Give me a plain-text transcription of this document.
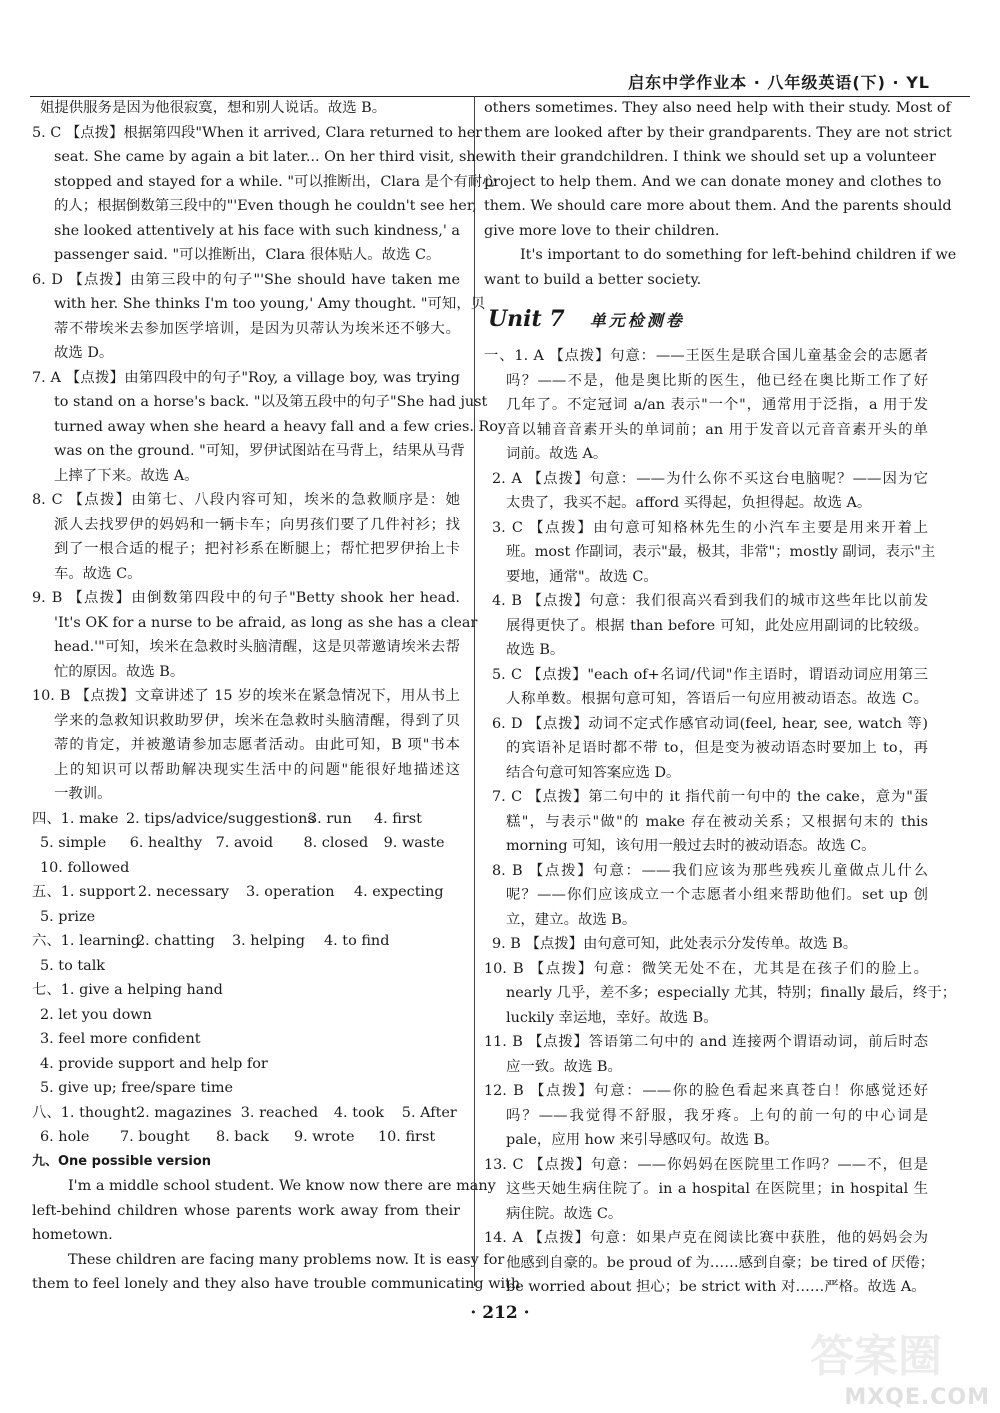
启东中学作业本 · 八年级英语(下) · YL
姐提供服务是因为他很寂寞，想和别人说话。故选 B。
5. C 【点拨】根据第四段"When it arrived, Clara returned to her
seat. She came by again a bit later... On her third visit, she
stopped and stayed for a while. "可以推断出，Clara 是个有耐心
的人；根据倒数第三段中的"'Even though he couldn't see her,
she looked attentively at his face with such kindness,' a
passenger said. "可以推断出，Clara 很体贴人。故选 C。
6. D 【点拨】由第三段中的句子"'She should have taken me
with her. She thinks I'm too young,' Amy thought. "可知，贝
蒂不带埃米去参加医学培训，是因为贝蒂认为埃米还不够大。
故选 D。
7. A 【点拨】由第四段中的句子"Roy, a village boy, was trying
to stand on a horse's back. "以及第五段中的句子"She had just
turned away when she heard a heavy fall and a few cries. Roy
was on the ground. "可知，罗伊试图站在马背上，结果从马背
上摔了下来。故选 A。
8. C 【点拨】由第七、八段内容可知，埃米的急救顺序是：她
派人去找罗伊的妈妈和一辆卡车；向男孩们要了几件衬衫；找
到了一根合适的棍子；把衬衫系在断腿上；帮忙把罗伊抬上卡
车。故选 C。
9. B 【点拨】由倒数第四段中的句子"Betty shook her head.
'It's OK for a nurse to be afraid, as long as she has a clear
head.'"可知，埃米在急救时头脑清醒，这是贝蒂邀请埃米去帮
忙的原因。故选 B。
10. B 【点拨】文章讲述了 15 岁的埃米在紧急情况下，用从书上
学来的急救知识救助罗伊，埃米在急救时头脑清醒，得到了贝
蒂的肯定，并被邀请参加志愿者活动。由此可知，B 项"书本
上的知识可以帮助解决现实生活中的问题"能很好地描述这
一教训。
四、1. make 2. tips/advice/suggestions
3. run	4. first
5. simple	6. healthy 7. avoid	8. closed	9. waste
10. followed
五、1. support 2. necessary	3. operation	4. expecting
5. prize
六、1. learning
2. chatting	3. helping	4. to find
5. to talk
七、1. give a helping hand
2. let you down
3. feel more confident
4. provide support and help for
5. give up; free/spare time
八、1. thought 2. magazines 3. reached	4. took	5. After
6. hole	7. bought	8. back	9. wrote	10. first
九、One possible version
I'm a middle school student. We know now there are many
left-behind children whose parents work away from their
hometown.
These children are facing many problems now. It is easy for
them to feel lonely and they also have trouble communicating with
others sometimes. They also need help with their study. Most of
them are looked after by their grandparents. They are not strict
with their grandchildren. I think we should set up a volunteer
project to help them. And we can donate money and clothes to
them. We should care more about them. And the parents should
give more love to their children.
It's important to do something for left-behind children if we
want to build a better society.
Unit 7 单元检测卷
一、1. A 【点拨】句意：——王医生是联合国儿童基金会的志愿者
吗？——不是，他是奥比斯的医生，他已经在奥比斯工作了好
几年了。不定冠词 a/an 表示"一个"，通常用于泛指，a 用于发
音以辅音音素开头的单词前；an 用于发音以元音音素开头的单
词前。故选 A。
2. A 【点拨】句意：——为什么你不买这台电脑呢？——因为它
太贵了，我买不起。afford 买得起，负担得起。故选 A。
3. C 【点拨】由句意可知格林先生的小汽车主要是用来开着上
班。most 作副词，表示"最，极其，非常"；mostly 副词，表示"主
要地，通常"。故选 C。
4. B 【点拨】句意：我们很高兴看到我们的城市这些年比以前发
展得更快了。根据 than before 可知，此处应用副词的比较级。
故选 B。
5. C 【点拨】"each of+名词/代词"作主语时，谓语动词应用第三
人称单数。根据句意可知，答语后一句应用被动语态。故选 C。
6. D 【点拨】动词不定式作感官动词(feel, hear, see, watch 等)
的宾语补足语时都不带 to，但是变为被动语态时要加上 to，再
结合句意可知答案应选 D。
7. C 【点拨】第二句中的 it 指代前一句中的 the cake，意为"蛋
糕"，与表示"做"的 make 存在被动关系；又根据句末的 this
morning 可知，该句用一般过去时的被动语态。故选 C。
8. B 【点拨】句意：——我们应该为那些残疾儿童做点儿什么
呢？——你们应该成立一个志愿者小组来帮助他们。set up 创
立，建立。故选 B。
9. B 【点拨】由句意可知，此处表示分发传单。故选 B。
10. B 【点拨】句意：微笑无处不在，尤其是在孩子们的脸上。
nearly 几乎，差不多；especially 尤其，特别；finally 最后，终于；
luckily 幸运地，幸好。故选 B。
11. B 【点拨】答语第二句中的 and 连接两个谓语动词，前后时态
应一致。故选 B。
12. B 【点拨】句意：——你的脸色看起来真苍白！你感觉还好
吗？——我觉得不舒服，我牙疼。上句的前一句的中心词是
pale，应用 how 来引导感叹句。故选 B。
13. C 【点拨】句意：——你妈妈在医院里工作吗？——不，但是
这些天她生病住院了。in a hospital 在医院里；in hospital 生
病住院。故选 C。
14. A 【点拨】句意：如果卢克在阅读比赛中获胜，他的妈妈会为
他感到自豪的。be proud of 为……感到自豪；be tired of 厌倦；
be worried about 担心；be strict with 对……严格。故选 A。
· 212 ·
答案圈
MXQE.COM
